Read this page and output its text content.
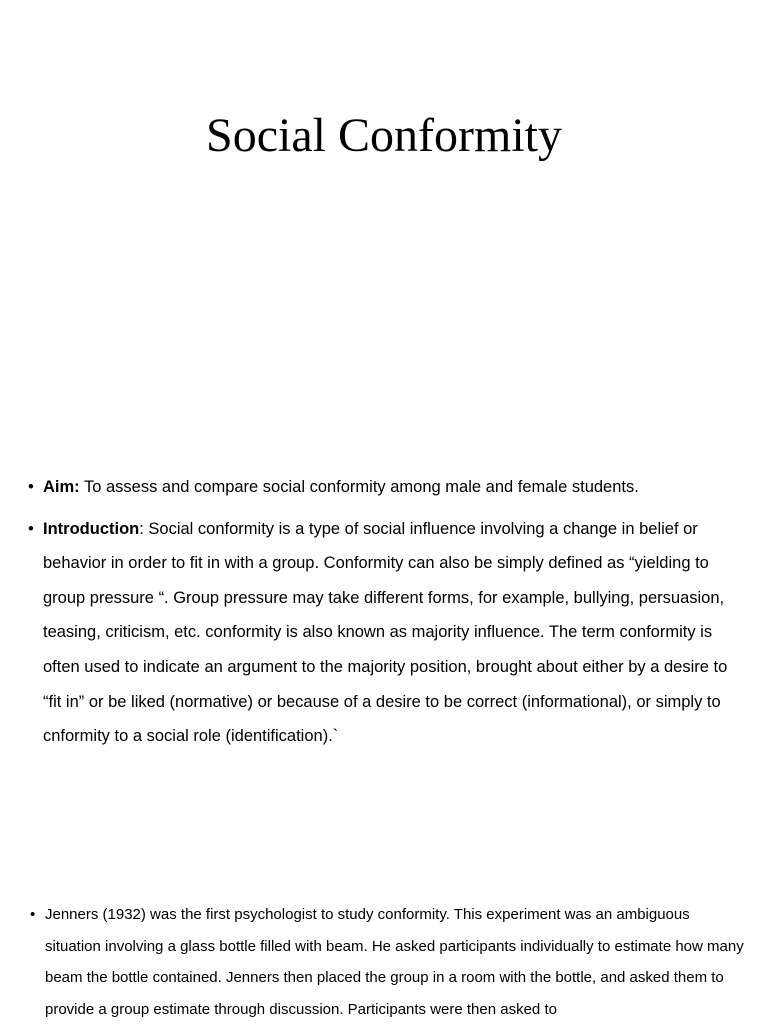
Social Conformity
• Aim: To assess and compare social conformity among male and female students.
• Introduction: Social conformity is a type of social influence involving a change in belief or behavior in order to fit in with a group. Conformity can also be simply defined as “yielding to group pressure “. Group pressure may take different forms, for example, bullying, persuasion, teasing, criticism, etc. conformity is also known as majority influence. The term conformity is often used to indicate an argument to the majority position, brought about either by a desire to “fit in” or be liked (normative) or because of a desire to be correct (informational), or simply to cnformity to a social role (identification).`
• Jenners (1932) was the first psychologist to study conformity. This experiment was an ambiguous situation involving a glass bottle filled with beam. He asked participants individually to estimate how many beam the bottle contained. Jenners then placed the group in a room with the bottle, and asked them to provide a group estimate through discussion. Participants were then asked to
